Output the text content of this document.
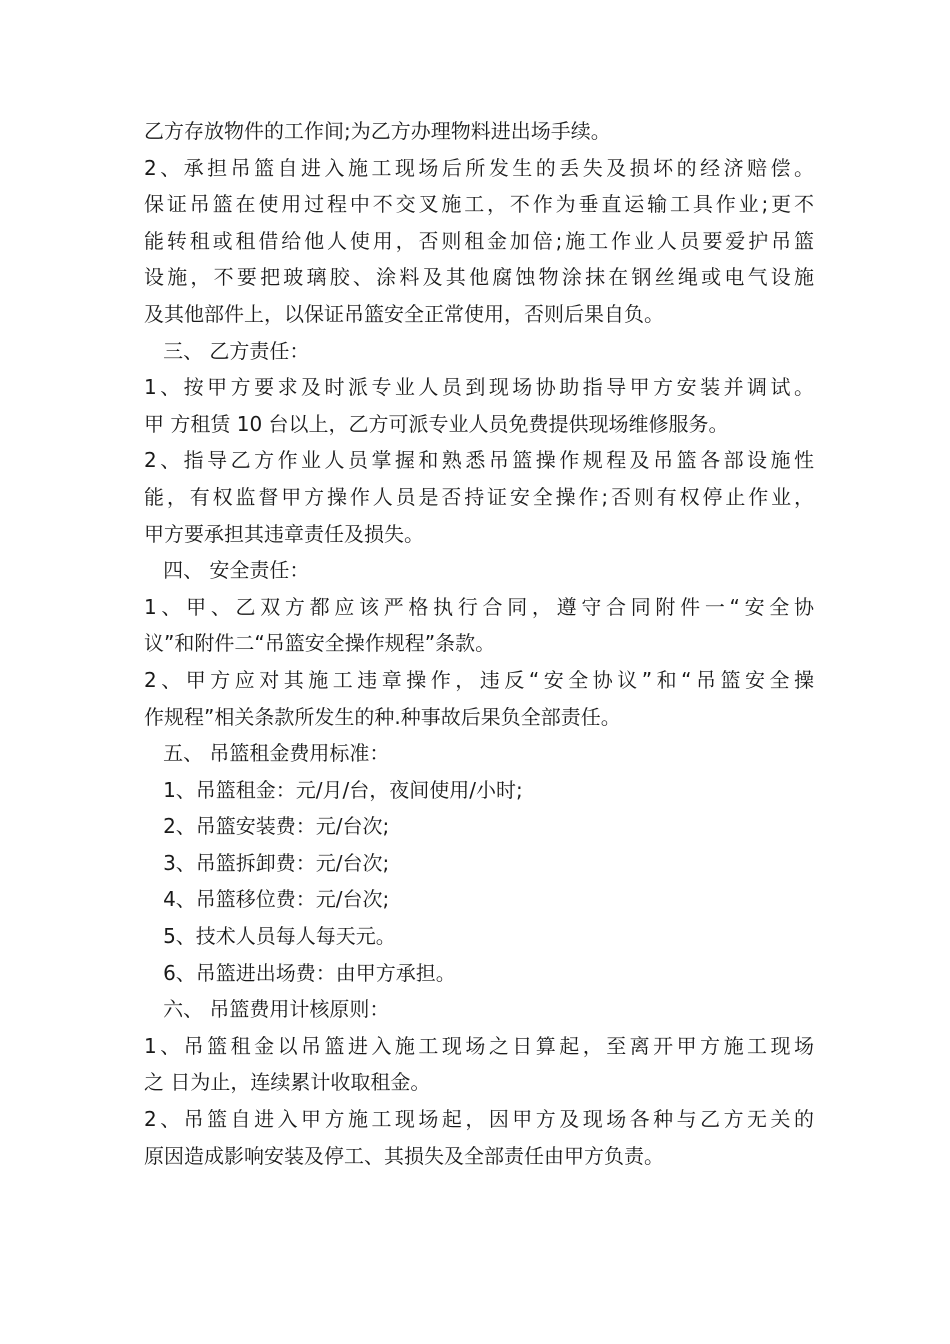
乙方存放物件的工作间;为乙方办理物料进出场手续。

2、承担吊篮自进入施工现场后所发生的丢失及损坏的经济赔偿。

保证吊篮在使用过程中不交叉施工，不作为垂直运输工具作业;更不

能转租或租借给他人使用，否则租金加倍;施工作业人员要爱护吊篮

设施，不要把玻璃胶、涂料及其他腐蚀物涂抹在钢丝绳或电气设施

及其他部件上，以保证吊篮安全正常使用，否则后果自负。

三、 乙方责任：

1、按甲方要求及时派专业人员到现场协助指导甲方安装并调试。

甲 方租赁 10 台以上，乙方可派专业人员免费提供现场维修服务。

2、指导乙方作业人员掌握和熟悉吊篮操作规程及吊篮各部设施性

能，有权监督甲方操作人员是否持证安全操作;否则有权停止作业，

甲方要承担其违章责任及损失。

四、 安全责任：

1、甲、乙双方都应该严格执行合同，遵守合同附件一“安全协

议”和附件二“吊篮安全操作规程”条款。

2、甲方应对其施工违章操作，违反“安全协议”和“吊篮安全操

作规程”相关条款所发生的种.种事故后果负全部责任。

五、 吊篮租金费用标准：

1、吊篮租金：元/月/台，夜间使用/小时;

2、吊篮安装费：元/台次;

3、吊篮拆卸费：元/台次;

4、吊篮移位费：元/台次;

5、技术人员每人每天元。

6、吊篮进出场费：由甲方承担。

六、 吊篮费用计核原则：

1、吊篮租金以吊篮进入施工现场之日算起，至离开甲方施工现场

之 日为止，连续累计收取租金。

2、吊篮自进入甲方施工现场起，因甲方及现场各种与乙方无关的

原因造成影响安装及停工、其损失及全部责任由甲方负责。
